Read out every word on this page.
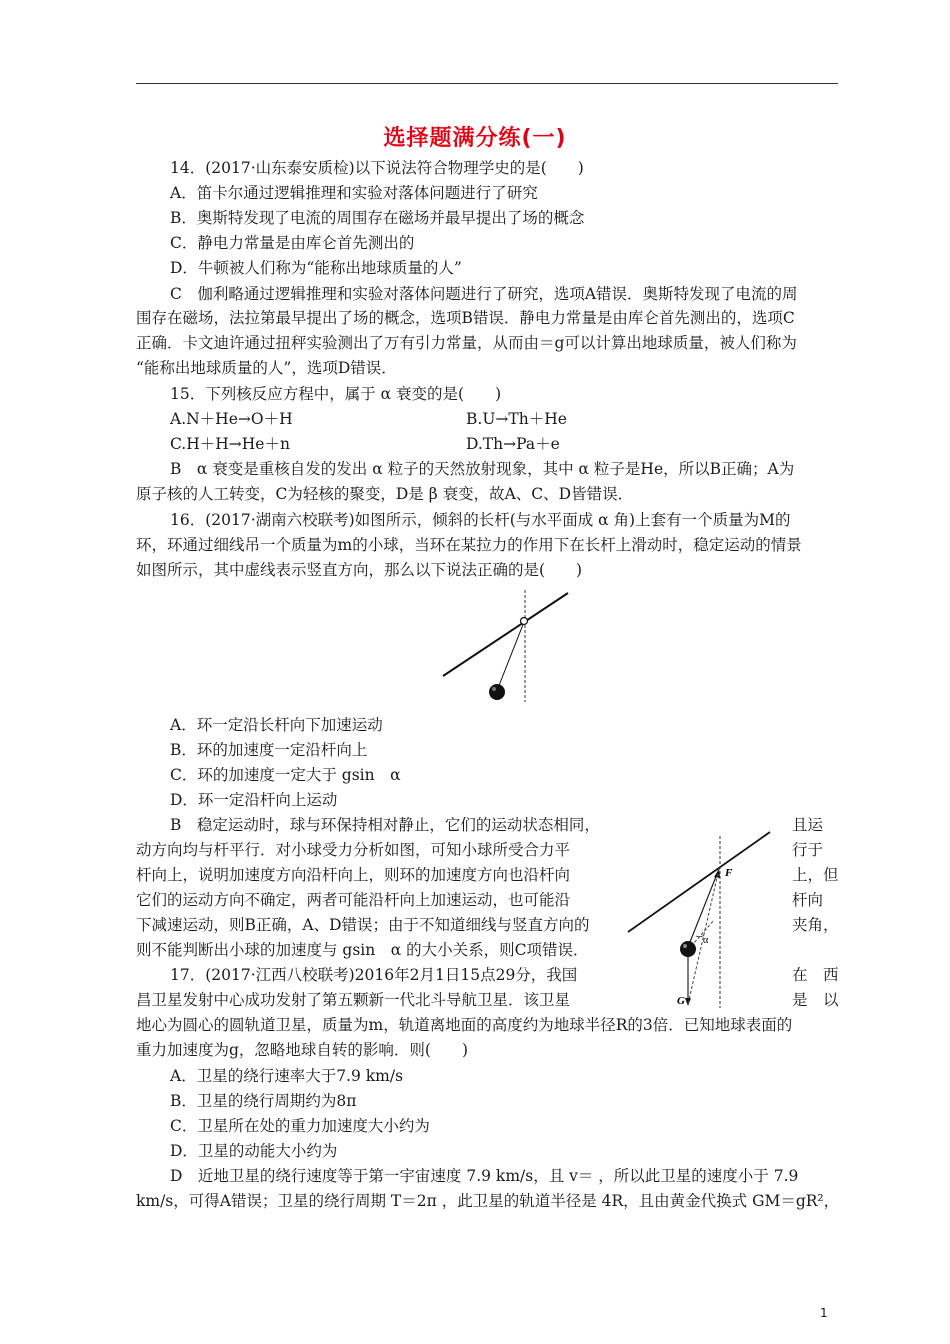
选择题满分练(一)
14．(2017·山东泰安质检)以下说法符合物理学史的是(　　)
A．笛卡尔通过逻辑推理和实验对落体问题进行了研究
B．奥斯特发现了电流的周围存在磁场并最早提出了场的概念
C．静电力常量是由库仑首先测出的
D．牛顿被人们称为“能称出地球质量的人”
C　伽利略通过逻辑推理和实验对落体问题进行了研究，选项A错误．奥斯特发现了电流的周
围存在磁场，法拉第最早提出了场的概念，选项B错误．静电力常量是由库仑首先测出的，选项C
正确．卡文迪许通过扭秤实验测出了万有引力常量，从而由＝g可以计算出地球质量，被人们称为
“能称出地球质量的人”，选项D错误．
15．下列核反应方程中，属于 α 衰变的是(　　)
A.N＋He→O＋H	B.U→Th＋He
C.H＋H→He＋n	D.Th→Pa＋e
B　α 衰变是重核自发的发出 α 粒子的天然放射现象，其中 α 粒子是He，所以B正确；A为
原子核的人工转变，C为轻核的聚变，D是 β 衰变，故A、C、D皆错误．
16．(2017·湖南六校联考)如图所示，倾斜的长杆(与水平面成 α 角)上套有一个质量为M的
环，环通过细线吊一个质量为m的小球，当环在某拉力的作用下在长杆上滑动时，稳定运动的情景
如图所示，其中虚线表示竖直方向，那么以下说法正确的是(　　)
A．环一定沿长杆向下加速运动
B．环的加速度一定沿杆向上
C．环的加速度一定大于 gsin　α
D．环一定沿杆向上运动
B　稳定运动时，球与环保持相对静止，它们的运动状态相同，
动方向均与杆平行．对小球受力分析如图，可知小球所受合力平
杆向上，说明加速度方向沿杆向上，则环的加速度方向也沿杆向
它们的运动方向不确定，两者可能沿杆向上加速运动，也可能沿
下减速运动，则B正确，A、D错误；由于不知道细线与竖直方向的
则不能判断出小球的加速度与 gsin　α 的大小关系，则C项错误．
且运
行于
上，但
杆向
夹角，
F
G
α
17．(2017·江西八校联考)2016年2月1日15点29分，我国
昌卫星发射中心成功发射了第五颗新一代北斗导航卫星．该卫星
在　西
是　以
地心为圆心的圆轨道卫星，质量为m，轨道离地面的高度约为地球半径R的3倍．已知地球表面的
重力加速度为g，忽略地球自转的影响．则(　　)
A．卫星的绕行速率大于7.9 km/s
B．卫星的绕行周期约为8π
C．卫星所在处的重力加速度大小约为
D．卫星的动能大小约为
D　近地卫星的绕行速度等于第一宇宙速度 7.9 km/s，且 v＝ ，所以此卫星的速度小于 7.9
km/s，可得A错误；卫星的绕行周期 T＝2π ，此卫星的轨道半径是 4R，且由黄金代换式 GM＝gR²，
1
